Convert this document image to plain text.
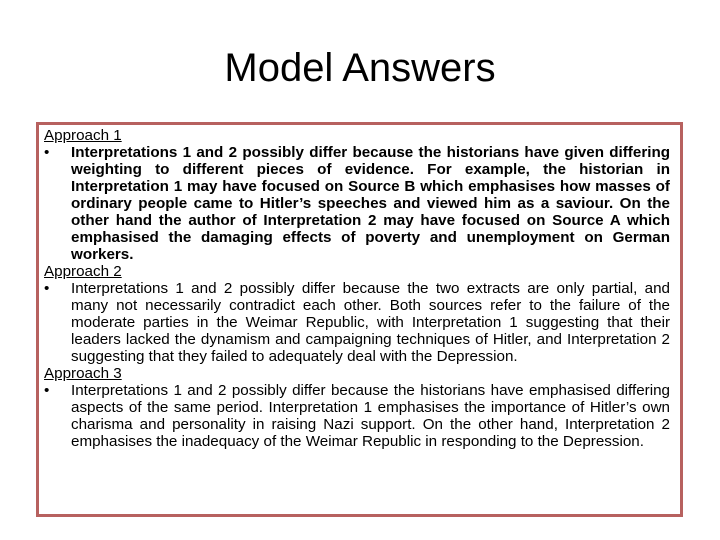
Model Answers
Approach 1
•	Interpretations 1 and 2 possibly differ because the historians have given differing weighting to different pieces of evidence. For example, the historian in Interpretation 1 may have focused on Source B which emphasises how masses of ordinary people came to Hitler’s speeches and viewed him as a saviour. On the other hand the author of Interpretation 2 may have focused on Source A which emphasised the damaging effects of poverty and unemployment on German workers.
Approach 2
•	Interpretations 1 and 2 possibly differ because the two extracts are only partial, and many not necessarily contradict each other. Both sources refer to the failure of the moderate parties in the Weimar Republic, with Interpretation 1 suggesting that their leaders lacked the dynamism and campaigning techniques of Hitler, and Interpretation 2 suggesting that they failed to adequately deal with the Depression.
Approach 3
•	Interpretations 1 and 2 possibly differ because the historians have emphasised differing aspects of the same period. Interpretation 1 emphasises the importance of Hitler’s own charisma and personality in raising Nazi support. On the other hand, Interpretation 2 emphasises the inadequacy of the Weimar Republic in responding to the Depression.
